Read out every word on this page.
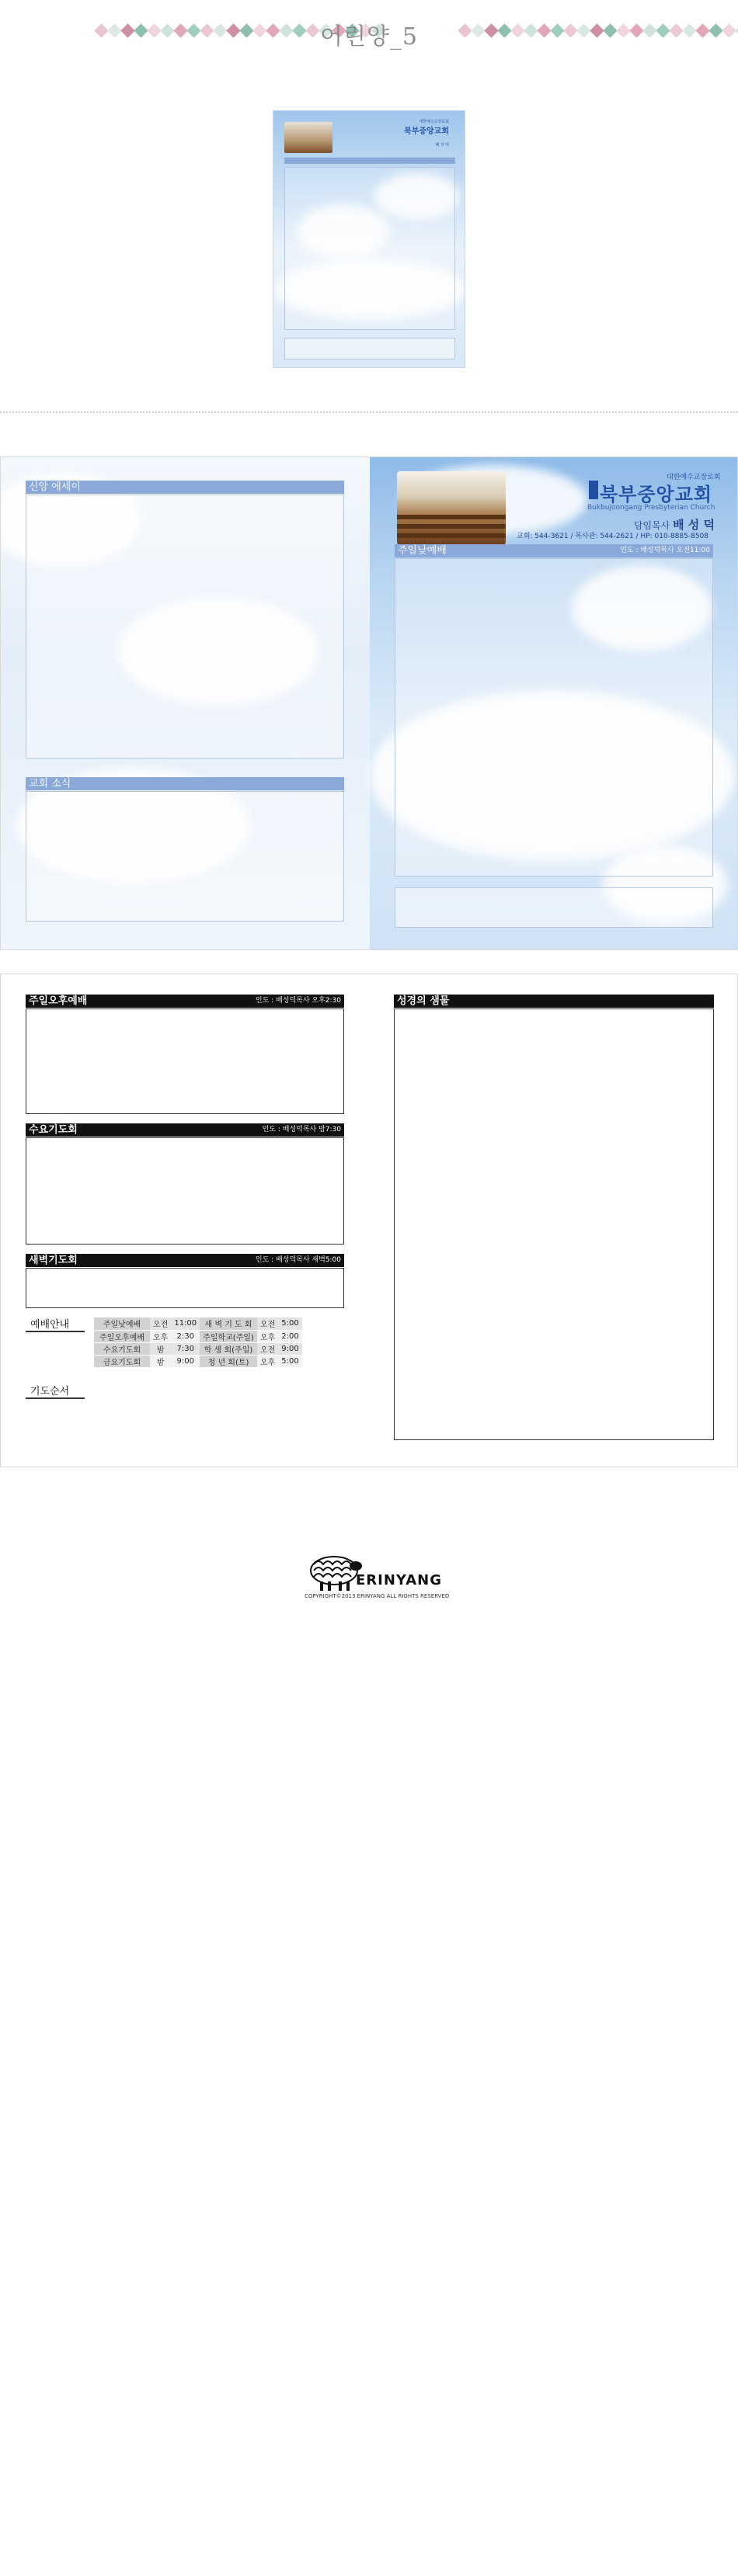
어린양_5
대한예수교장로회
북부중앙교회
배 성 덕
신앙 에세이
교회 소식
대한예수교장로회
북부중앙교회
Bukbujoongang Presbyterian Church
담임목사 배 성 덕
교회: 544-3621 / 목사관: 544-2621 / HP: 010-8885-8508
주일낮예배	인도 : 배성덕목사 오전11:00
주일오후예배	인도 : 배성덕목사 오후2:30
수요기도회	인도 : 배성덕목사 밤7:30
새벽기도회	인도 : 배성덕목사 새벽5:00
예배안내	주일낮예배	오전	11:00	새 벽 기 도 회	오전	5:00
주일오후예배	오후	2:30	주일학교(주일)	오후	2:00
수요기도회	밤	7:30	학 생 회(주일)	오전	9:00
금요기도회	밤	9:00	청 년 회(토)	오후	5:00
기도순서
성경의 샘물
ERINYANG
COPYRIGHT©2013 ERINYANG ALL RIGHTS RESERVED
